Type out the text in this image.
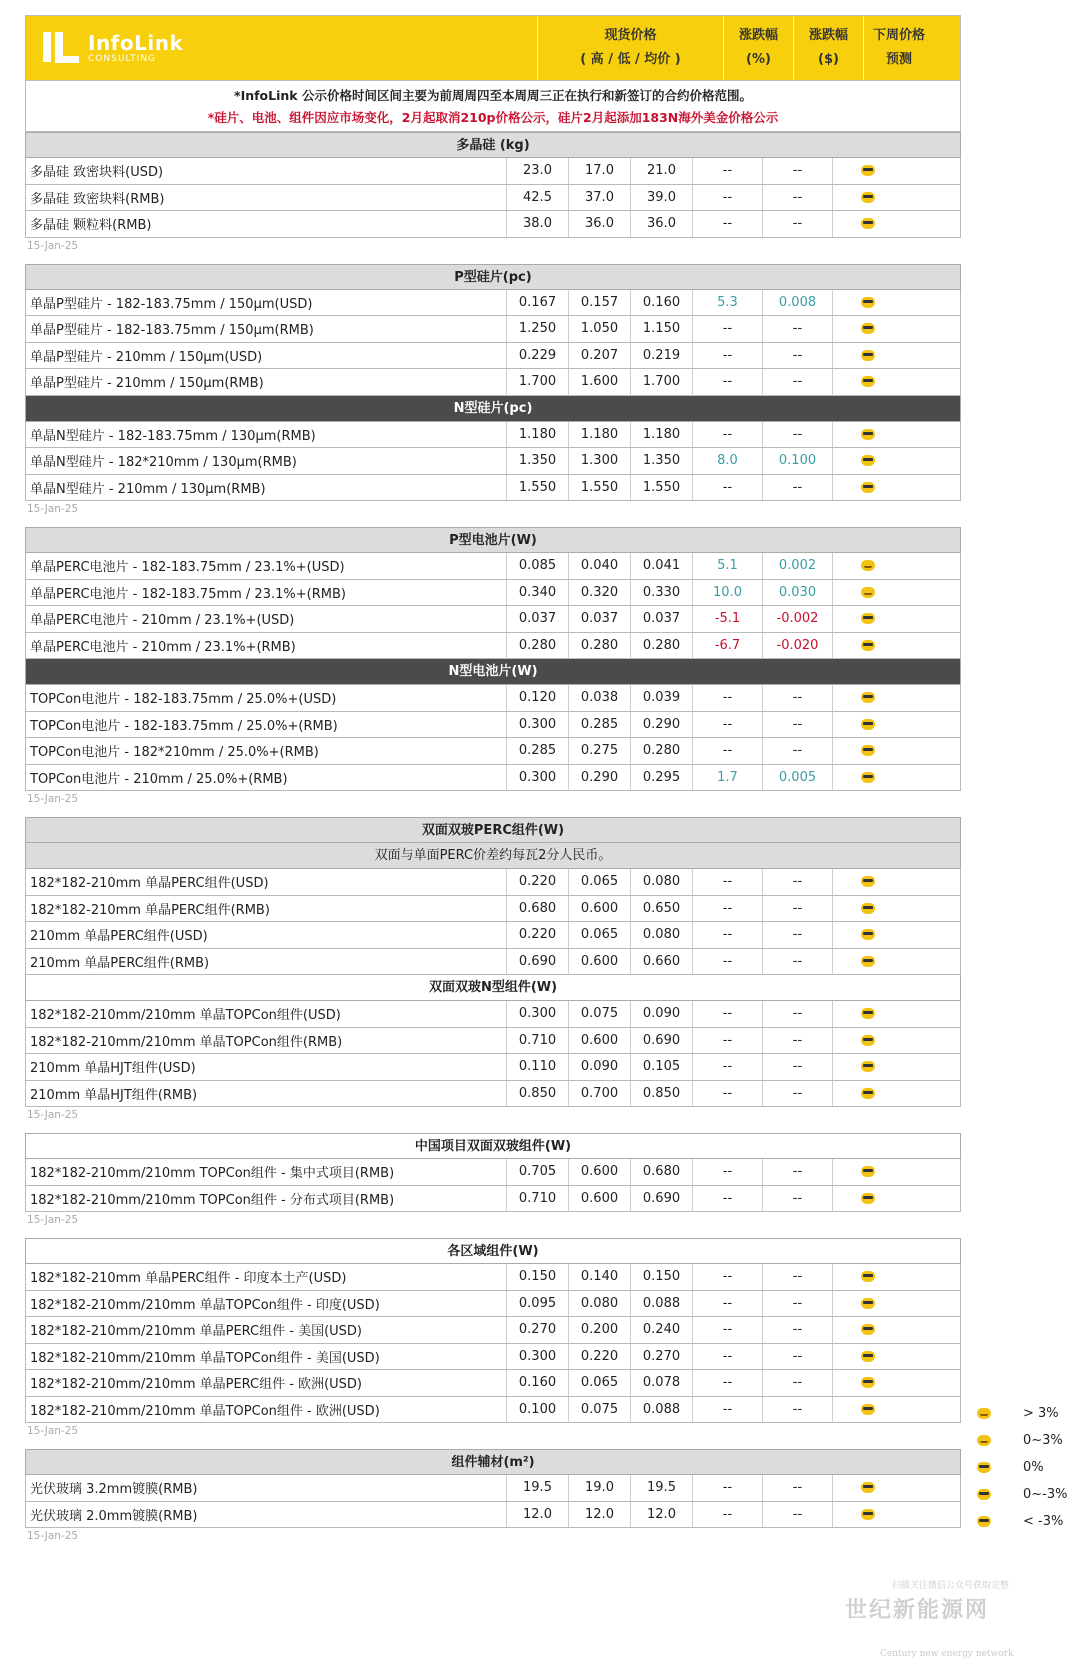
InfoLink
CONSULTING
现货价格
( 高 / 低 / 均价 )
涨跌幅
(%)
涨跌幅
($)
下周价格
预测
*InfoLink 公示价格时间区间主要为前周周四至本周周三正在执行和新签订的合约价格范围。
*硅片、电池、组件因应市场变化，2月起取消210p价格公示，硅片2月起添加183N海外美金价格公示
多晶硅 (kg)
多晶硅 致密块料(USD)	23.0	17.0	21.0	--	--
多晶硅 致密块料(RMB)	42.5	37.0	39.0	--	--
多晶硅 颗粒料(RMB)	38.0	36.0	36.0	--	--
15-Jan-25
P型硅片(pc)
单晶P型硅片 - 182-183.75mm / 150μm(USD)	0.167	0.157	0.160	5.3	0.008
单晶P型硅片 - 182-183.75mm / 150μm(RMB)	1.250	1.050	1.150	--	--
单晶P型硅片 - 210mm / 150μm(USD)	0.229	0.207	0.219	--	--
单晶P型硅片 - 210mm / 150μm(RMB)	1.700	1.600	1.700	--	--
N型硅片(pc)
单晶N型硅片 - 182-183.75mm / 130μm(RMB)	1.180	1.180	1.180	--	--
单晶N型硅片 - 182*210mm / 130μm(RMB)	1.350	1.300	1.350	8.0	0.100
单晶N型硅片 - 210mm / 130μm(RMB)	1.550	1.550	1.550	--	--
15-Jan-25
P型电池片(W)
单晶PERC电池片 - 182-183.75mm / 23.1%+(USD)	0.085	0.040	0.041	5.1	0.002
单晶PERC电池片 - 182-183.75mm / 23.1%+(RMB)	0.340	0.320	0.330	10.0	0.030
单晶PERC电池片 - 210mm / 23.1%+(USD)	0.037	0.037	0.037	-5.1	-0.002
单晶PERC电池片 - 210mm / 23.1%+(RMB)	0.280	0.280	0.280	-6.7	-0.020
N型电池片(W)
TOPCon电池片 - 182-183.75mm / 25.0%+(USD)	0.120	0.038	0.039	--	--
TOPCon电池片 - 182-183.75mm / 25.0%+(RMB)	0.300	0.285	0.290	--	--
TOPCon电池片 - 182*210mm / 25.0%+(RMB)	0.285	0.275	0.280	--	--
TOPCon电池片 - 210mm / 25.0%+(RMB)	0.300	0.290	0.295	1.7	0.005
15-Jan-25
双面双玻PERC组件(W)
双面与单面PERC价差约每瓦2分人民币。
182*182-210mm 单晶PERC组件(USD)	0.220	0.065	0.080	--	--
182*182-210mm 单晶PERC组件(RMB)	0.680	0.600	0.650	--	--
210mm 单晶PERC组件(USD)	0.220	0.065	0.080	--	--
210mm 单晶PERC组件(RMB)	0.690	0.600	0.660	--	--
双面双玻N型组件(W)
182*182-210mm/210mm 单晶TOPCon组件(USD)	0.300	0.075	0.090	--	--
182*182-210mm/210mm 单晶TOPCon组件(RMB)	0.710	0.600	0.690	--	--
210mm 单晶HJT组件(USD)	0.110	0.090	0.105	--	--
210mm 单晶HJT组件(RMB)	0.850	0.700	0.850	--	--
15-Jan-25
中国项目双面双玻组件(W)
182*182-210mm/210mm TOPCon组件 - 集中式项目(RMB)	0.705	0.600	0.680	--	--
182*182-210mm/210mm TOPCon组件 - 分布式项目(RMB)	0.710	0.600	0.690	--	--
15-Jan-25
各区域组件(W)
182*182-210mm 单晶PERC组件 - 印度本土产(USD)	0.150	0.140	0.150	--	--
182*182-210mm/210mm 单晶TOPCon组件 - 印度(USD)	0.095	0.080	0.088	--	--
182*182-210mm/210mm 单晶PERC组件 - 美国(USD)	0.270	0.200	0.240	--	--
182*182-210mm/210mm 单晶TOPCon组件 - 美国(USD)	0.300	0.220	0.270	--	--
182*182-210mm/210mm 单晶PERC组件 - 欧洲(USD)	0.160	0.065	0.078	--	--
182*182-210mm/210mm 单晶TOPCon组件 - 欧洲(USD)	0.100	0.075	0.088	--	--
15-Jan-25
组件辅材(m²)
光伏玻璃 3.2mm镀膜(RMB)	19.5	19.0	19.5	--	--
光伏玻璃 2.0mm镀膜(RMB)	12.0	12.0	12.0	--	--
15-Jan-25
> 3%
0~3%
0%
0~-3%
< -3%
扫描关注微信公众号获取完整
世纪新能源网
Century new energy network
